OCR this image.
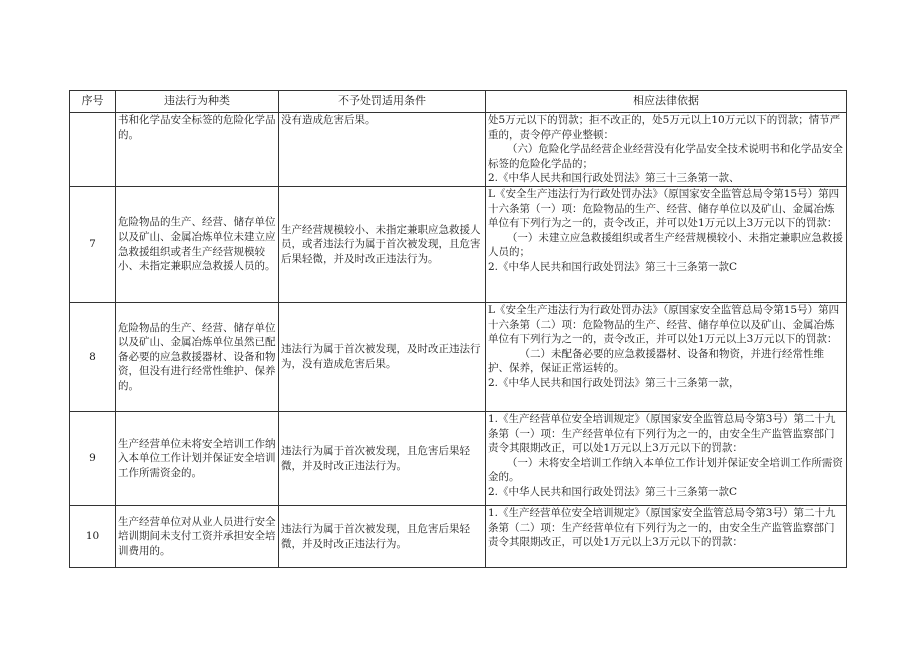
序号	违法行为种类	不予处罚适用条件	相应法律依据
	书和化学品安全标签的危险化学品的。	没有造成危害后果。	处5万元以下的罚款；拒不改正的，处5万元以上10万元以下的罚款；情节严重的，责令停产停业整顿：
（六）危险化学品经营企业经营没有化学品安全技术说明书和化学品安全标签的危险化学品的；
2.《中华人民共和国行政处罚法》第三十三条第一款、

7	危险物品的生产、经营、储存单位以及矿山、金属冶炼单位未建立应急救援组织或者生产经营规模较小、未指定兼职应急救援人员的。	生产经营规模较小、未指定兼职应急救援人员，或者违法行为属于首次被发现，且危害后果轻微，并及时改正违法行为。	L《安全生产违法行为行政处罚办法》（原国家安全监管总局令第15号）第四十六条第（一）项：危险物品的生产、经营、储存单位以及矿山、金属冶炼单位有下列行为之一的，责令改正，并可以处1万元以上3万元以下的罚款：
（一）未建立应急救援组织或者生产经营规模较小、未指定兼职应急救援人员的；
2.《中华人民共和国行政处罚法》第三十三条第一款C

8	危险物品的生产、经营、储存单位以及矿山、金属冶炼单位虽然已配备必要的应急救援器材、设备和物资，但没有进行经常性维护、保养的。	违法行为属于首次被发现，及时改正违法行为，没有造成危害后果。	L《安全生产违法行为行政处罚办法》（原国家安全监管总局令第15号）第四十六条第（二）项：危险物品的生产、经营、储存单位以及矿山、金属冶炼单位有下列行为之一的，责令改正，并可以处1万元以上3万元以下的罚款：
（二）未配备必要的应急救援器材、设备和物资，并进行经常性维护、保养，保证正常运转的。
2.《中华人民共和国行政处罚法》第三十三条第一款，

9	生产经营单位未将安全培训工作纳入本单位工作计划并保证安全培训工作所需资金的。	违法行为属于首次被发现，且危害后果轻微，并及时改正违法行为。	1.《生产经营单位安全培训规定》（原国家安全监管总局令第3号）第二十九条第（一）项：生产经营单位有下列行为之一的，由安全生产监管监察部门责令其限期改正，可以处1万元以上3万元以下的罚款：
（一）未将安全培训工作纳入本单位工作计划并保证安全培训工作所需资金的。
2.《中华人民共和国行政处罚法》第三十三条第一款C

10	生产经营单位对从业人员进行安全培训期间未支付工资并承担安全培训费用的。	违法行为属于首次被发现，且危害后果轻微，并及时改正违法行为。	1.《生产经营单位安全培训规定》（原国家安全监管总局令第3号）第二十九条第（二）项：生产经营单位有下列行为之一的，由安全生产监管监察部门责令其限期改正，可以处1万元以上3万元以下的罚款：
